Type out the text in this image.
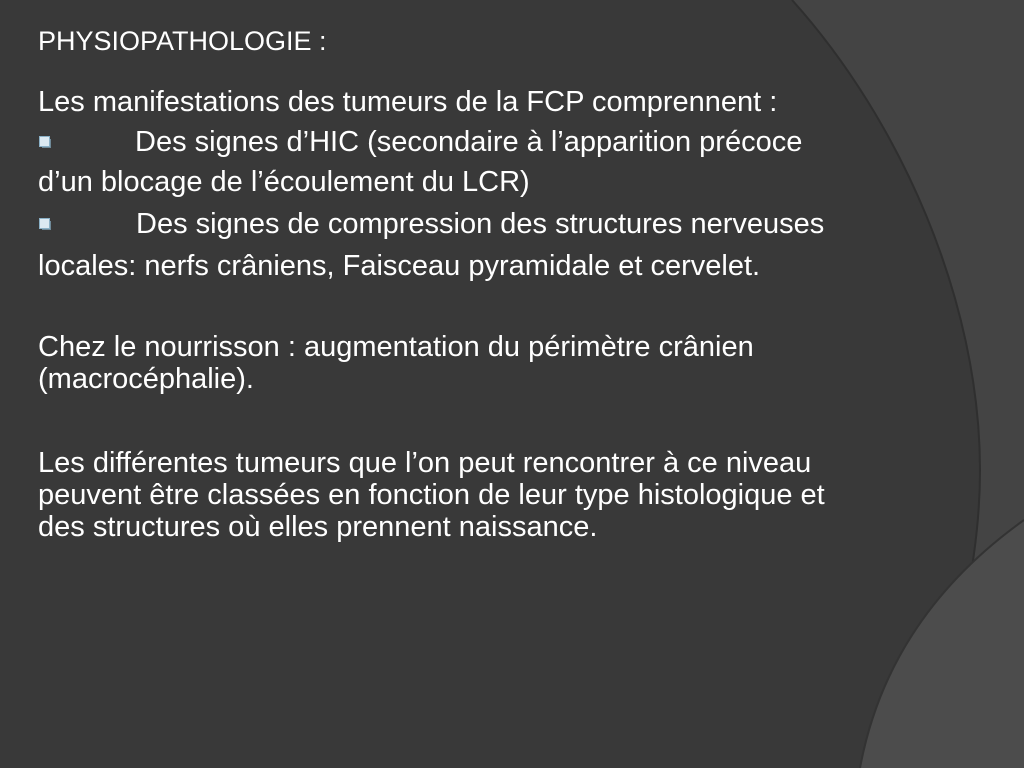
PHYSIOPATHOLOGIE :
Les manifestations des tumeurs de la FCP comprennent :
Des signes d’HIC (secondaire à l’apparition précoce
d’un blocage de l’écoulement du LCR)
Des signes de compression des structures nerveuses
locales: nerfs crâniens, Faisceau pyramidale et cervelet.
Chez le nourrisson : augmentation du périmètre crânien
(macrocéphalie).
Les différentes tumeurs que l’on peut rencontrer à ce niveau
peuvent être classées en fonction de leur type histologique et
des structures où elles prennent naissance.
